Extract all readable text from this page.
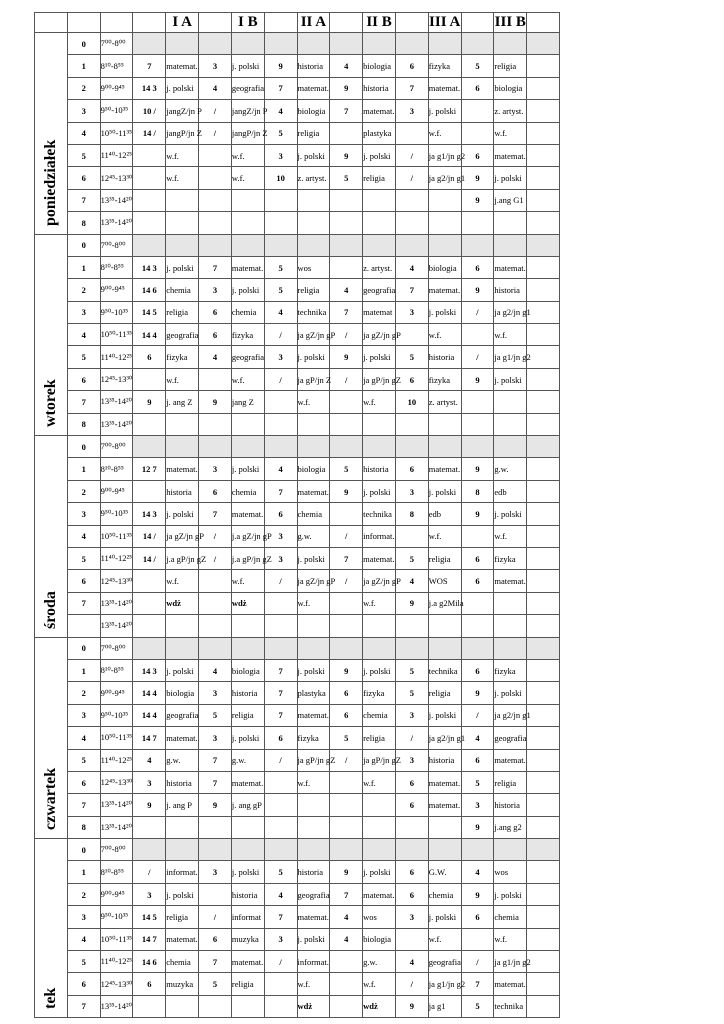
				I A		I B		II A		II B		III A		III B	

poniedziałek	0	7⁰⁰-8⁰⁰													
	1	8¹⁰-8⁵⁵	7	matemat.	3	j. polski	9	historia	4	biologia	6	fizyka	5	religia	
	2	9⁰⁰-9⁴⁵	14 3	j. polski	4	geografia	7	matemat.	9	historia	7	matemat.	6	biologia	
	3	9⁵⁰-10³⁵	10 /	jangZ/jn P	/	jangZ/jn P	4	biologia	7	matemat.	3	j. polski		z. artyst.	
	4	10⁵⁰-11³⁵	14 /	jangP/jn Z	/	jangP/jn Z	5	religia		plastyka		w.f.		w.f.	
	5	11⁴⁰-12²⁵		w.f.		w.f.	3	j. polski	9	j. polski	/	ja g1/jn g2	6	matemat.	
	6	12⁴⁵-13³⁰		w.f.		w.f.	10	z. artyst.	5	religia	/	ja g2/jn g1	9	j. polski	
	7	13³⁵-14²⁰											9	j.ang G1	
	8	13³⁵-14²⁰													

wtorek	0	7⁰⁰-8⁰⁰													
	1	8¹⁰-8⁵⁵	14 3	j. polski	7	matemat.	5	wos		z. artyst.	4	biologia	6	matemat.	
	2	9⁰⁰-9⁴⁵	14 6	chemia	3	j. polski	5	religia	4	geografia	7	matemat.	9	historia	
	3	9⁵⁰-10³⁵	14 5	religia	6	chemia	4	technika	7	matemat	3	j. polski	/	ja g2/jn g1	
	4	10⁵⁰-11³⁵	14 4	geografia	6	fizyka	/	ja gZ/jn gP	/	ja gZ/jn gP		w.f.		w.f.	
	5	11⁴⁰-12²⁵	6	fizyka	4	geografia	3	j. polski	9	j. polski	5	historia	/	ja g1/jn g2	
	6	12⁴⁵-13³⁰		w.f.		w.f.	/	ja gP/jn Z	/	ja gP/jn gZ	6	fizyka	9	j. polski	
	7	13³⁵-14²⁰	9	j. ang Z	9	jang Z		w.f.		w.f.	10	z. artyst.			
	8	13³⁵-14²⁰													

środa	0	7⁰⁰-8⁰⁰													
	1	8¹⁰-8⁵⁵	12 7	matemat.	3	j. polski	4	biologia	5	historia	6	matemat.	9	g.w.	
	2	9⁰⁰-9⁴⁵		historia	6	chemia	7	matemat.	9	j. polski	3	j. polski	8	edb	
	3	9⁵⁰-10³⁵	14 3	j. polski	7	matemat.	6	chemia		technika	8	edb	9	j. polski	
	4	10⁵⁰-11³⁵	14 /	ja gZ/jn gP	/	j.a gZ/jn gP	3	g.w.	/	informat.		w.f.		w.f.	
	5	11⁴⁰-12²⁵	14 /	j.a gP/jn gZ	/	j.a gP/jn gZ	3	j. polski	7	matemat.	5	religia	6	fizyka	
	6	12⁴⁵-13³⁰		w.f.		w.f.	/	ja gZ/jn gP	/	ja gZ/jn gP	4	WOS	6	matemat.	
	7	13³⁵-14²⁰		wdż		wdż		w.f.		w.f.	9	j.a g2Mila			
		13³⁵-14²⁰													

czwartek	0	7⁰⁰-8⁰⁰													
	1	8¹⁰-8⁵⁵	14 3	j. polski	4	biologia	7	j. polski	9	j. polski	5	technika	6	fizyka	
	2	9⁰⁰-9⁴⁵	14 4	biologia	3	historia	7	plastyka	6	fizyka	5	religia	9	j. polski	
	3	9⁵⁰-10³⁵	14 4	geografia	5	religia	7	matemat.	6	chemia	3	j. polski	/	ja g2/jn g1	
	4	10⁵⁰-11³⁵	14 7	matemat.	3	j. polski	6	fizyka	5	religia	/	ja g2/jn g1	4	geografia	
	5	11⁴⁰-12²⁵	4	g.w.	7	g.w.	/	ja gP/jn gZ	/	ja gP/jn gZ	3	historia	6	matemat.	
	6	12⁴⁵-13³⁰	3	historia	7	matemat.		w.f.		w.f.	6	matemat.	5	religia	
	7	13³⁵-14²⁰	9	j. ang P	9	j. ang gP					6	matemat.	3	historia	
	8	13³⁵-14²⁰											9	j.ang g2	

tek	0	7⁰⁰-8⁰⁰													
	1	8¹⁰-8⁵⁵	/	informat.	3	j. polski	5	historia	9	j. polski	6	G.W.	4	wos	
	2	9⁰⁰-9⁴⁵	3	j. polski		historia	4	geografia	7	matemat.	6	chemia	9	j. polski	
	3	9⁵⁰-10³⁵	14 5	religia	/	informat	7	matemat.	4	wos	3	j. polski	6	chemia	
	4	10⁵⁰-11³⁵	14 7	matemat.	6	muzyka	3	j. polski	4	biologia		w.f.		w.f.	
	5	11⁴⁰-12²⁵	14 6	chemia	7	matemat.	/	informat.		g.w.	4	geografia	/	ja g1/jn g2	
	6	12⁴⁵-13³⁰	6	muzyka	5	religia		w.f.		w.f.	/	ja g1/jn g2	7	matemat.	
	7	13³⁵-14²⁰						wdż		wdż	9	ja g1	5	technika	
